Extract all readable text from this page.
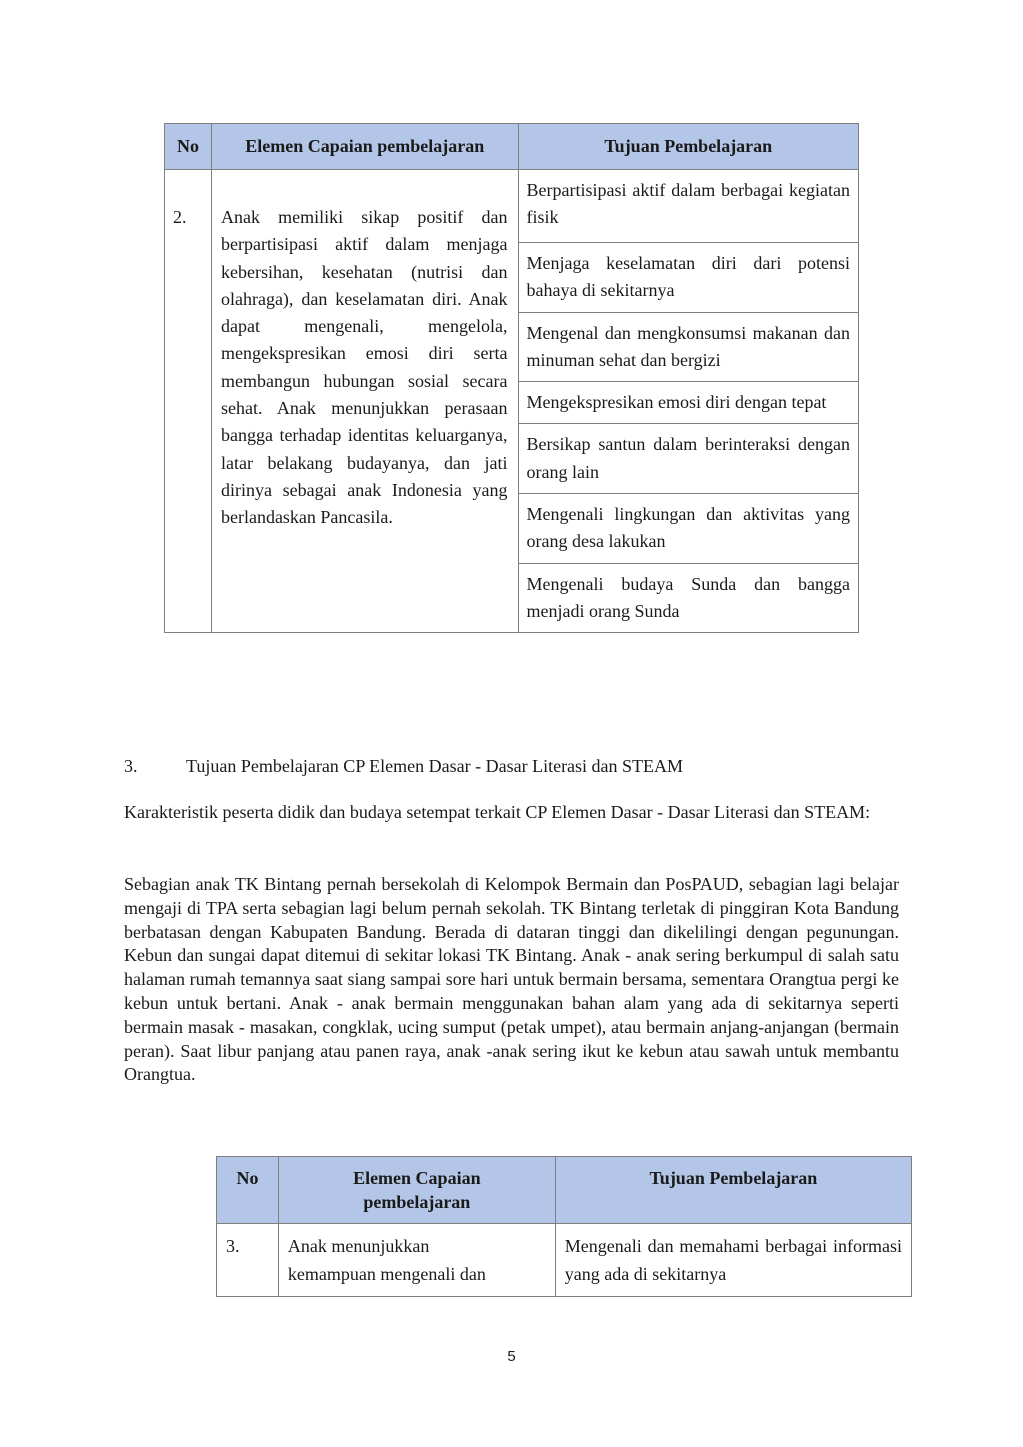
No	Elemen Capaian pembelajaran	Tujuan Pembelajaran
2.	Anak memiliki sikap positif dan berpartisipasi aktif dalam menjaga kebersihan, kesehatan (nutrisi dan olahraga), dan keselamatan diri. Anak dapat mengenali, mengelola, mengekspresikan emosi diri serta membangun hubungan sosial secara sehat. Anak menunjukkan perasaan bangga terhadap identitas keluarganya, latar belakang budayanya, dan jati dirinya sebagai anak Indonesia yang berlandaskan Pancasila.	Berpartisipasi aktif dalam berbagai kegiatan fisik
		Menjaga keselamatan diri dari potensi bahaya di sekitarnya
		Mengenal dan mengkonsumsi makanan dan minuman sehat dan bergizi
		Mengekspresikan emosi diri dengan tepat
		Bersikap santun dalam berinteraksi dengan orang lain
		Mengenali lingkungan dan aktivitas yang orang desa lakukan
		Mengenali budaya Sunda dan bangga menjadi orang Sunda
3.	Tujuan Pembelajaran CP Elemen Dasar - Dasar Literasi dan STEAM
Karakteristik peserta didik dan budaya setempat terkait CP Elemen Dasar - Dasar Literasi dan STEAM:
Sebagian anak TK Bintang pernah bersekolah di Kelompok Bermain dan PosPAUD, sebagian lagi belajar mengaji di TPA serta sebagian lagi belum pernah sekolah. TK Bintang terletak di pinggiran Kota Bandung berbatasan dengan Kabupaten Bandung. Berada di dataran tinggi dan dikelilingi dengan pegunungan. Kebun dan sungai dapat ditemui di sekitar lokasi TK Bintang. Anak - anak sering berkumpul di salah satu halaman rumah temannya saat siang sampai sore hari untuk bermain bersama, sementara Orangtua pergi ke kebun untuk bertani. Anak - anak bermain menggunakan bahan alam yang ada di sekitarnya seperti bermain masak - masakan, congklak, ucing sumput (petak umpet), atau bermain anjang-anjangan (bermain peran). Saat libur panjang atau panen raya, anak -anak sering ikut ke kebun atau sawah untuk membantu Orangtua.
No	Elemen Capaian pembelajaran	Tujuan Pembelajaran
3.	Anak menunjukkan kemampuan mengenali dan	Mengenali dan memahami berbagai informasi yang ada di sekitarnya
5
